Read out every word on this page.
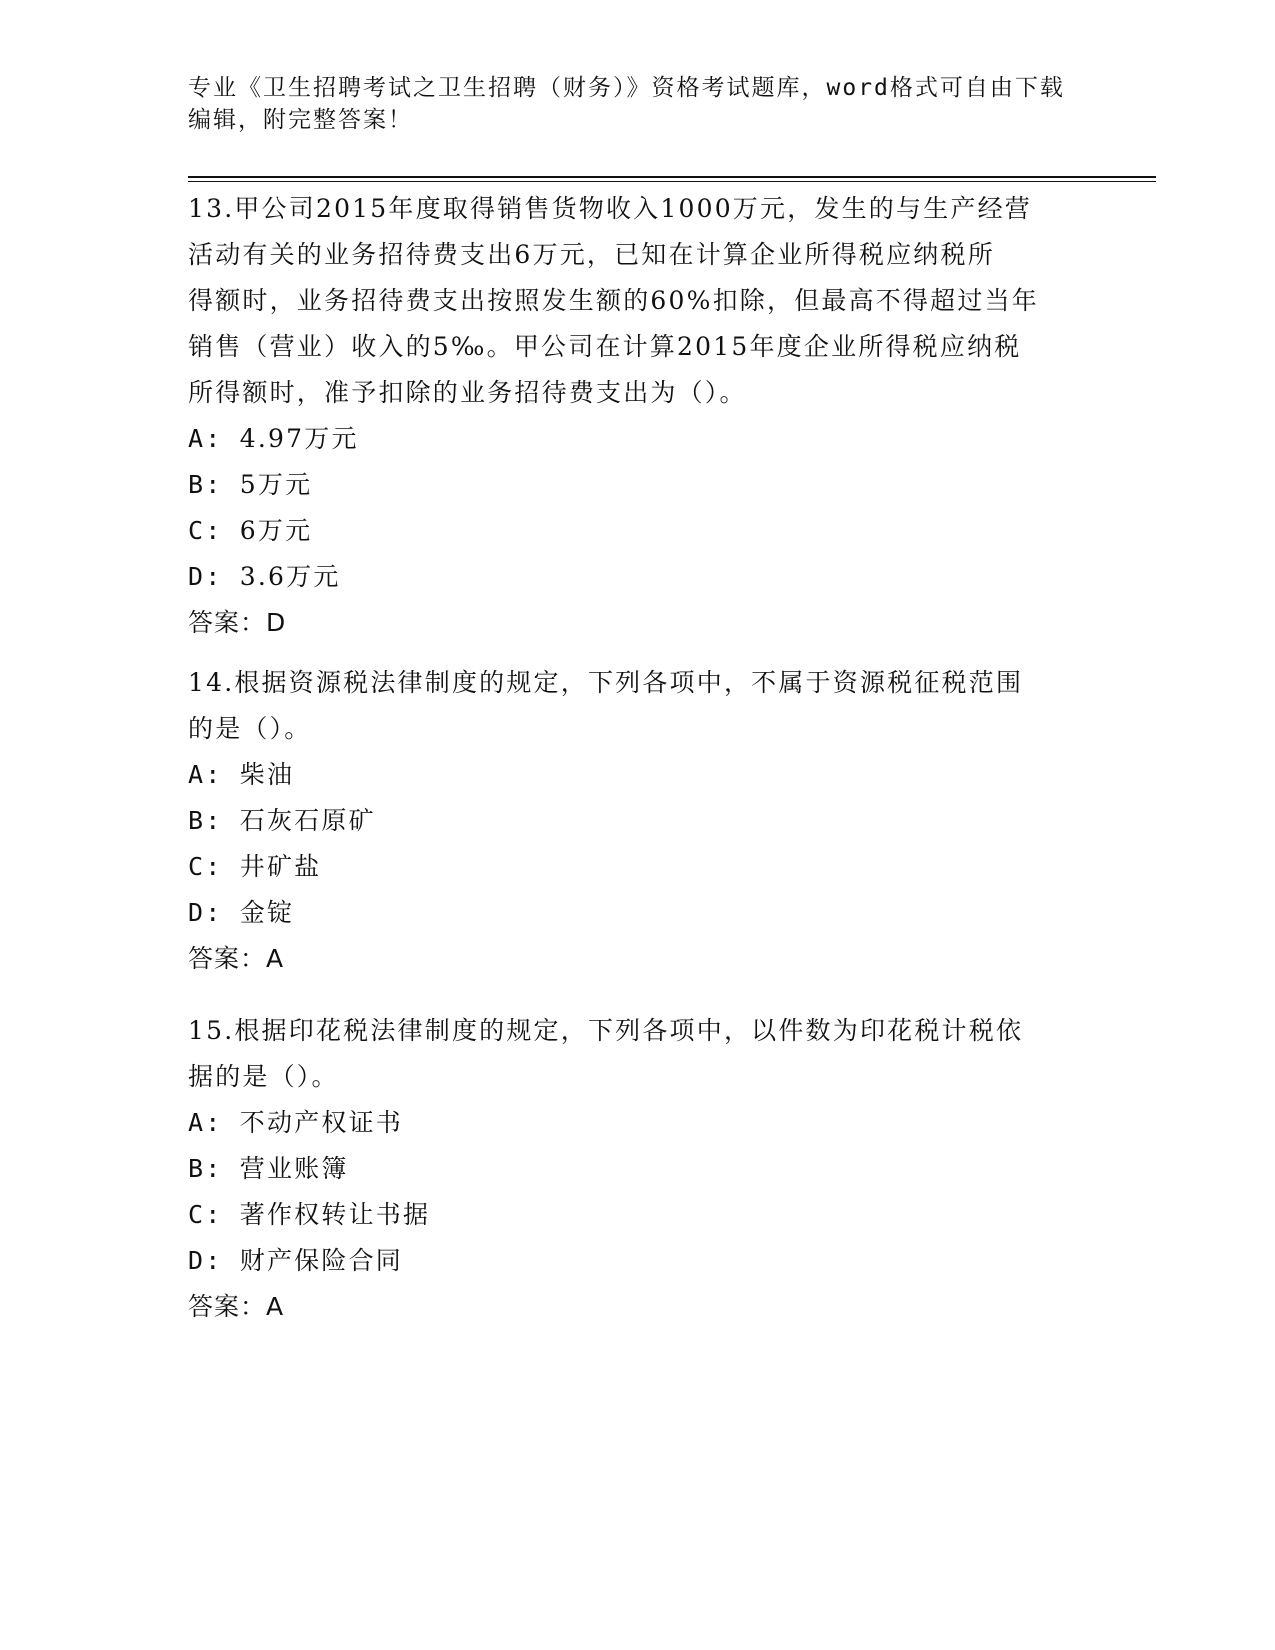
专业《卫生招聘考试之卫生招聘（财务）》资格考试题库，word格式可自由下载
编辑，附完整答案！
13.甲公司2015年度取得销售货物收入1000万元，发生的与生产经营
活动有关的业务招待费支出6万元，已知在计算企业所得税应纳税所
得额时，业务招待费支出按照发生额的60%扣除，但最高不得超过当年
销售（营业）收入的5‰。甲公司在计算2015年度企业所得税应纳税
所得额时，准予扣除的业务招待费支出为（）。
A: 4.97万元
B: 5万元
C: 6万元
D: 3.6万元
答案：D
14.根据资源税法律制度的规定，下列各项中，不属于资源税征税范围
的是（）。
A: 柴油
B: 石灰石原矿
C: 井矿盐
D: 金锭
答案：A
15.根据印花税法律制度的规定，下列各项中，以件数为印花税计税依
据的是（）。
A: 不动产权证书
B: 营业账簿
C: 著作权转让书据
D: 财产保险合同
答案：A
